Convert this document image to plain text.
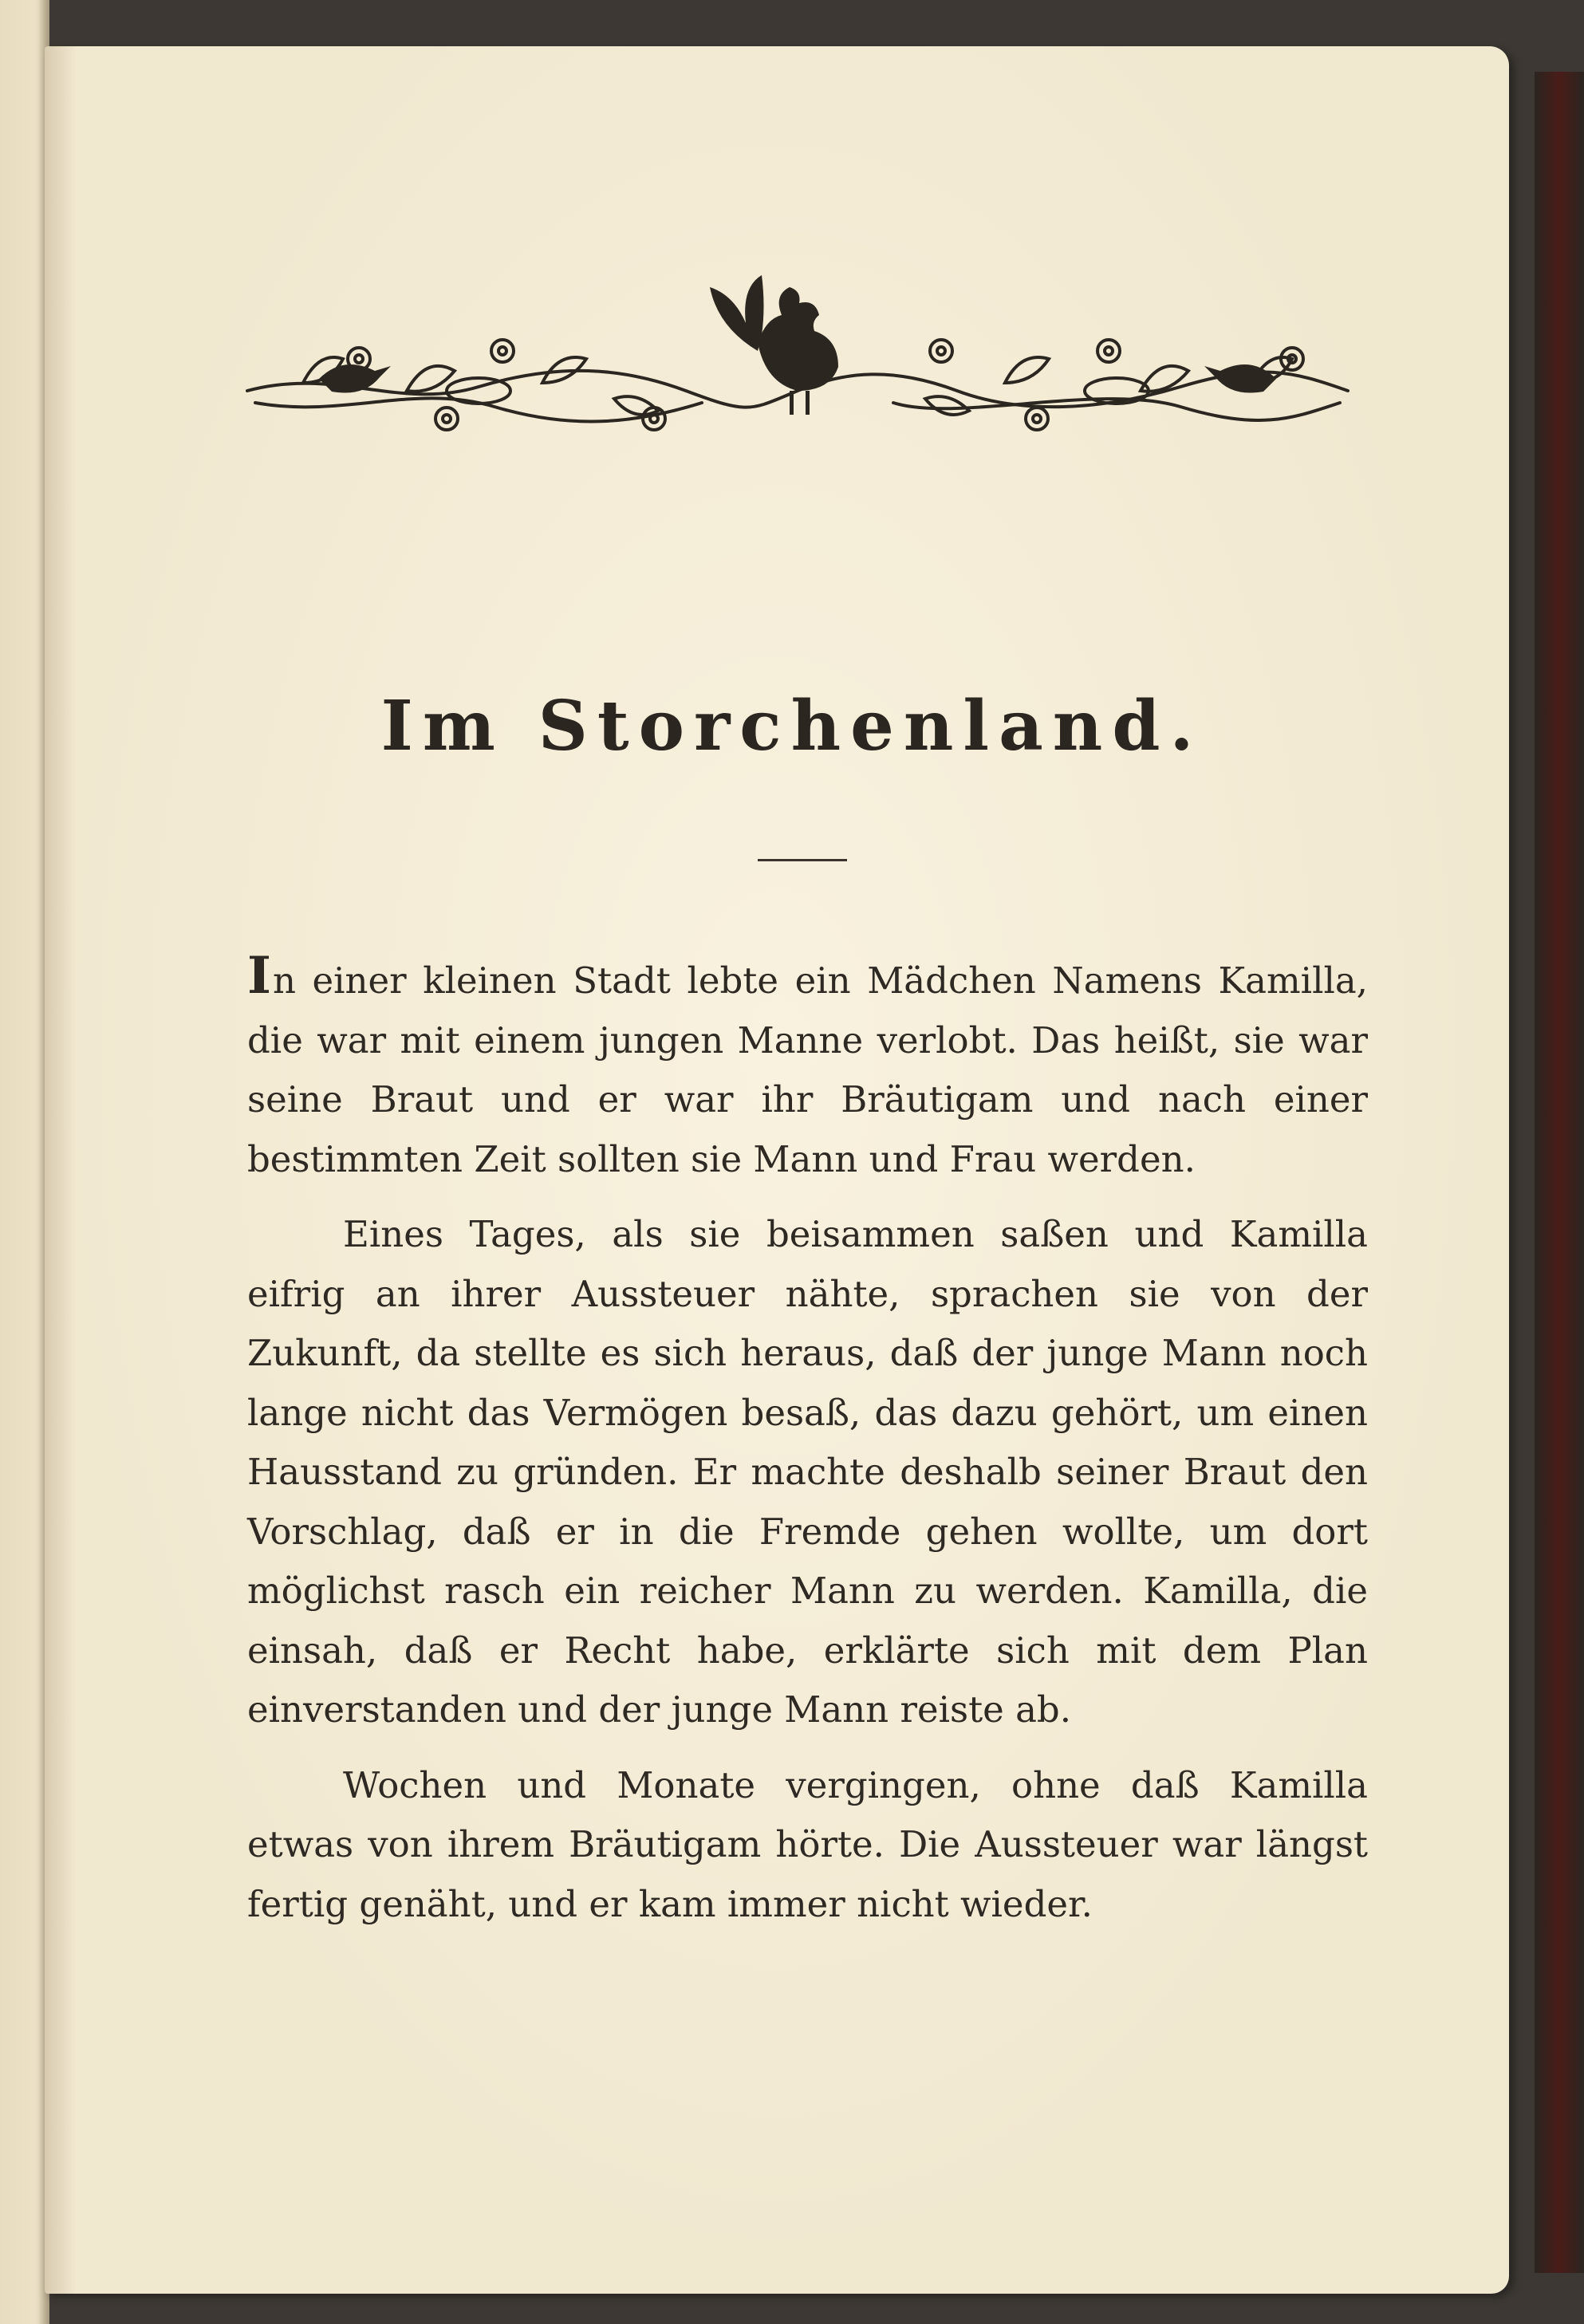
Im Storchenland.

In einer kleinen Stadt lebte ein Mädchen Namens Kamilla, die war mit einem jungen Manne verlobt. Das heißt, sie war seine Braut und er war ihr Bräutigam und nach einer bestimmten Zeit sollten sie Mann und Frau werden.

Eines Tages, als sie beisammen saßen und Kamilla eifrig an ihrer Aussteuer nähte, sprachen sie von der Zukunft, da stellte es sich heraus, daß der junge Mann noch lange nicht das Vermögen besaß, das dazu gehört, um einen Hausstand zu gründen. Er machte deshalb seiner Braut den Vorschlag, daß er in die Fremde gehen wollte, um dort möglichst rasch ein reicher Mann zu werden. Kamilla, die einsah, daß er Recht habe, erklärte sich mit dem Plan einverstanden und der junge Mann reiste ab.

Wochen und Monate vergingen, ohne daß Kamilla etwas von ihrem Bräutigam hörte. Die Aussteuer war längst fertig genäht, und er kam immer nicht wieder.
